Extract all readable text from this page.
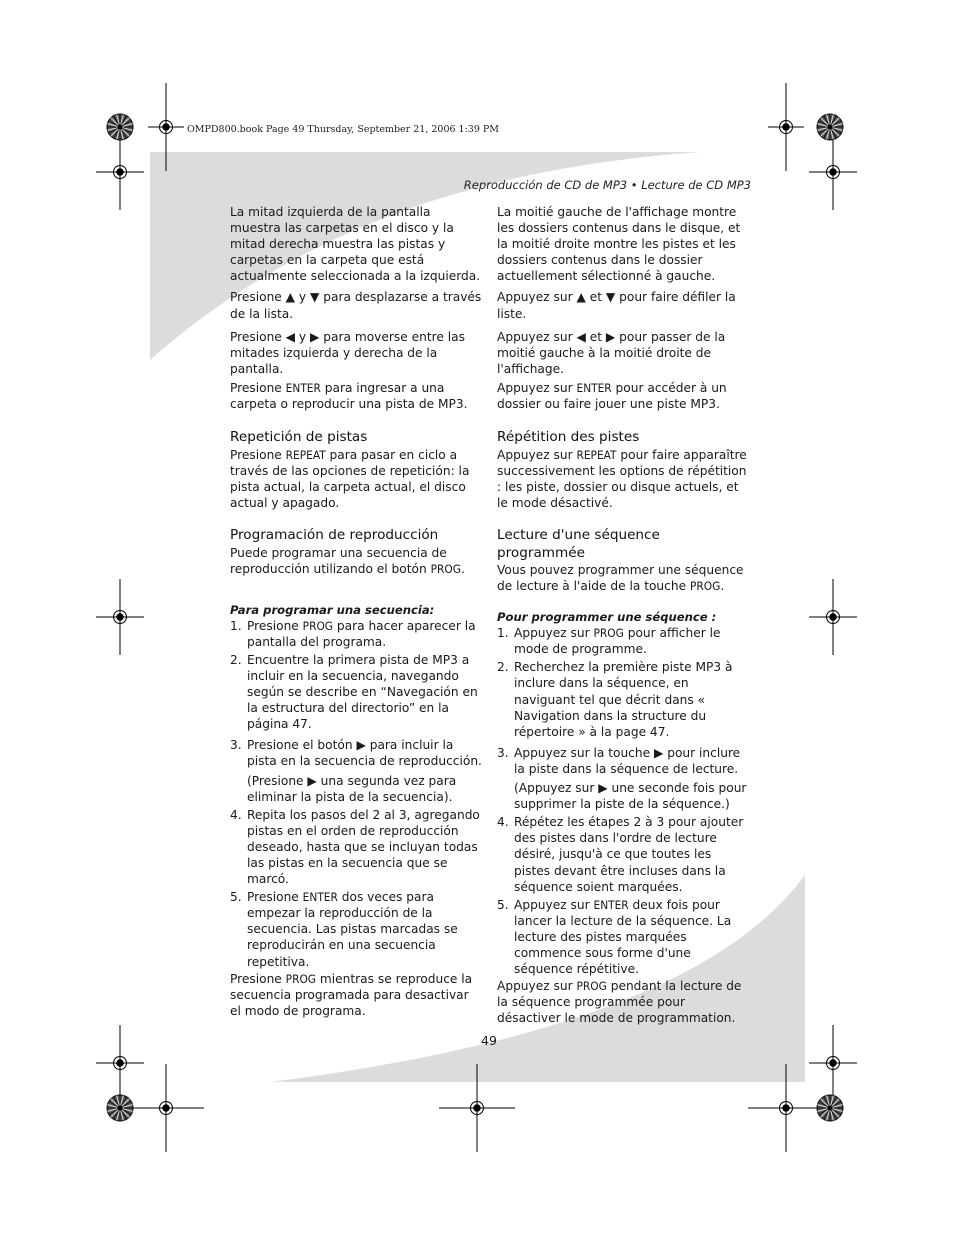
OMPD800.book Page 49 Thursday, September 21, 2006 1:39 PM
Reproducción de CD de MP3 • Lecture de CD MP3

La mitad izquierda de la pantalla muestra las carpetas en el disco y la mitad derecha muestra las pistas y carpetas en la carpeta que está actualmente seleccionada a la izquierda.

Presione ▲ y ▼ para desplazarse a través de la lista.

Presione ◀ y ▶ para moverse entre las mitades izquierda y derecha de la pantalla.

Presione ENTER para ingresar a una carpeta o reproducir una pista de MP3.

Repetición de pistas

Presione REPEAT para pasar en ciclo a través de las opciones de repetición: la pista actual, la carpeta actual, el disco actual y apagado.

Programación de reproducción

Puede programar una secuencia de reproducción utilizando el botón PROG.

Para programar una secuencia:
1. Presione PROG para hacer aparecer la pantalla del programa.
2. Encuentre la primera pista de MP3 a incluir en la secuencia, navegando según se describe en “Navegación en la estructura del directorio” en la página 47.
3. Presione el botón ▶ para incluir la pista en la secuencia de reproducción.
(Presione ▶ una segunda vez para eliminar la pista de la secuencia).
4. Repita los pasos del 2 al 3, agregando pistas en el orden de reproducción deseado, hasta que se incluyan todas las pistas en la secuencia que se marcó.
5. Presione ENTER dos veces para empezar la reproducción de la secuencia. Las pistas marcadas se reproducirán en una secuencia repetitiva.

Presione PROG mientras se reproduce la secuencia programada para desactivar el modo de programa.

La moitié gauche de l'affichage montre les dossiers contenus dans le disque, et la moitié droite montre les pistes et les dossiers contenus dans le dossier actuellement sélectionné à gauche.

Appuyez sur ▲ et ▼ pour faire défiler la liste.

Appuyez sur ◀ et ▶ pour passer de la moitié gauche à la moitié droite de l'affichage.

Appuyez sur ENTER pour accéder à un dossier ou faire jouer une piste MP3.

Répétition des pistes

Appuyez sur REPEAT pour faire apparaître successivement les options de répétition : les piste, dossier ou disque actuels, et le mode désactivé.

Lecture d'une séquence programmée

Vous pouvez programmer une séquence de lecture à l'aide de la touche PROG.

Pour programmer une séquence :
1. Appuyez sur PROG pour afficher le mode de programme.
2. Recherchez la première piste MP3 à inclure dans la séquence, en naviguant tel que décrit dans « Navigation dans la structure du répertoire » à la page 47.
3. Appuyez sur la touche ▶ pour inclure la piste dans la séquence de lecture.
(Appuyez sur ▶ une seconde fois pour supprimer la piste de la séquence.)
4. Répétez les étapes 2 à 3 pour ajouter des pistes dans l'ordre de lecture désiré, jusqu'à ce que toutes les pistes devant être incluses dans la séquence soient marquées.
5. Appuyez sur ENTER deux fois pour lancer la lecture de la séquence. La lecture des pistes marquées commence sous forme d'une séquence répétitive.

Appuyez sur PROG pendant la lecture de la séquence programmée pour désactiver le mode de programmation.

49
